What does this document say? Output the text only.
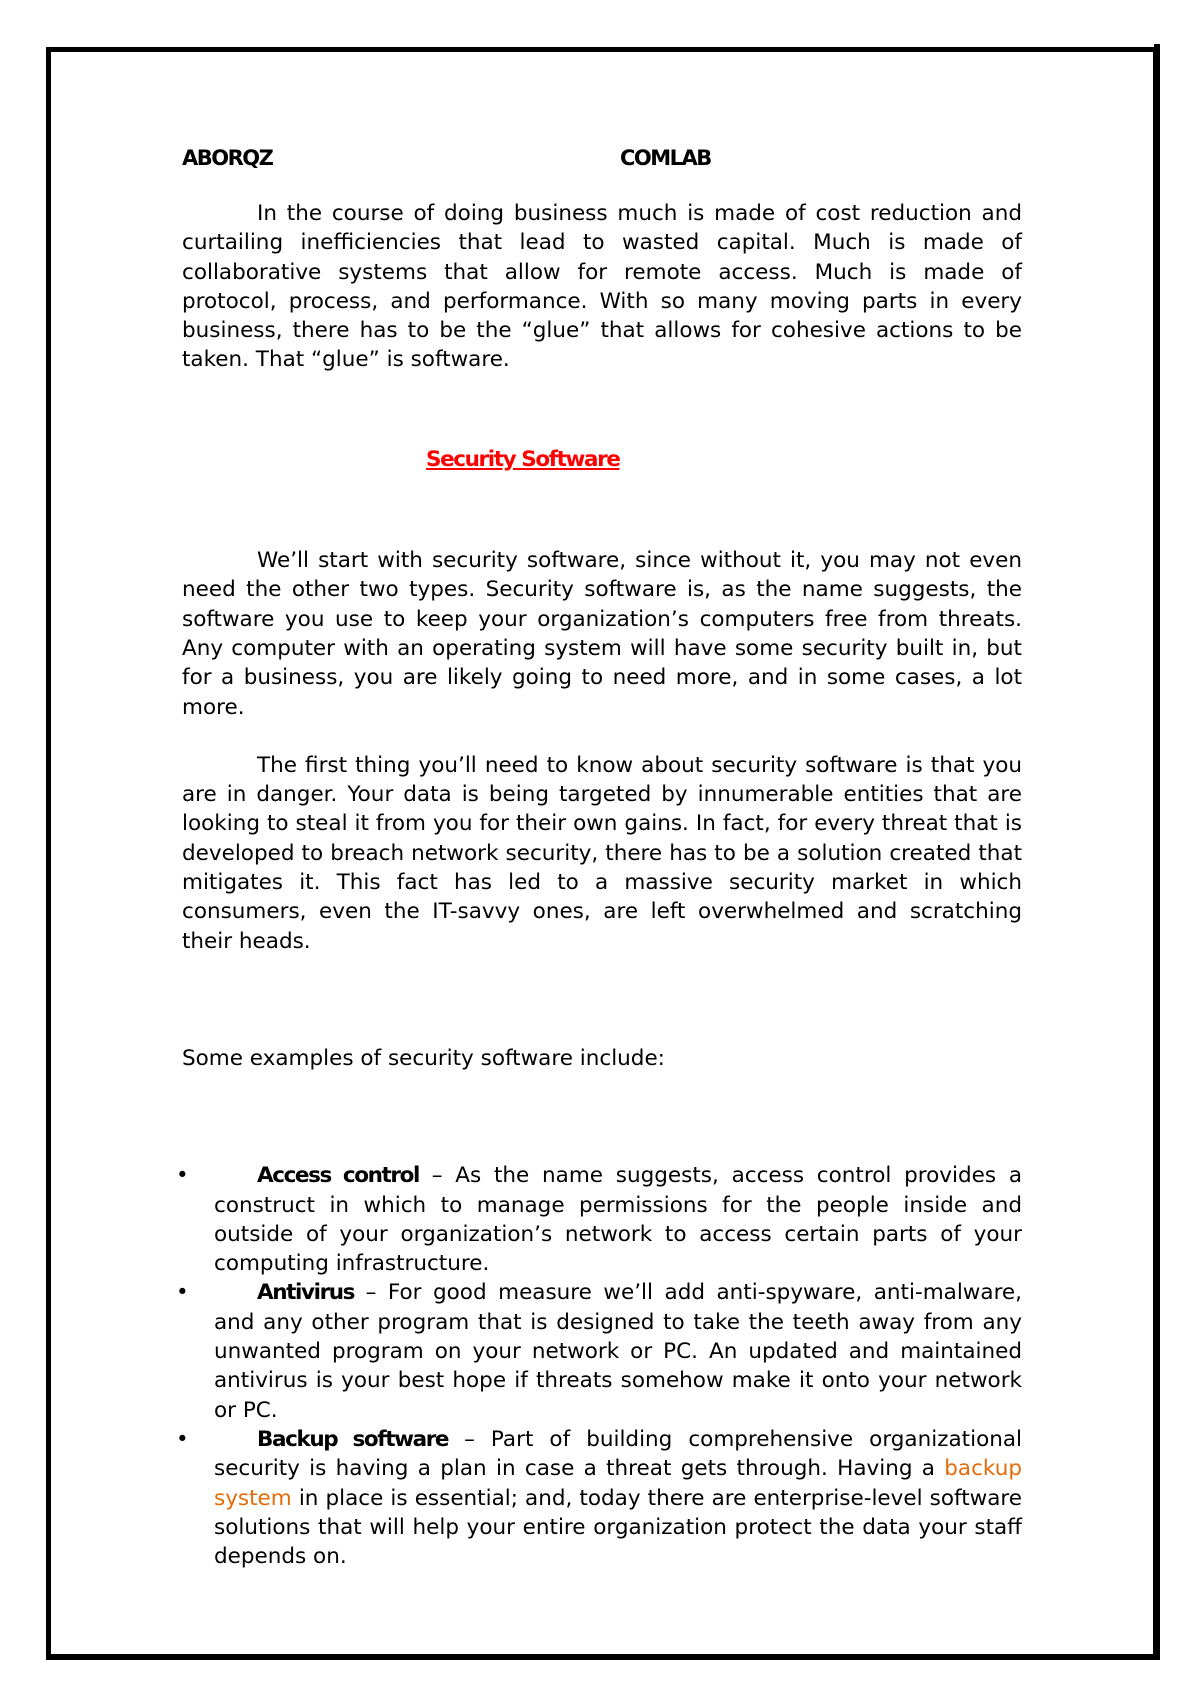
ABORQZ	COMLAB

In the course of doing business much is made of cost reduction and curtailing inefficiencies that lead to wasted capital. Much is made of collaborative systems that allow for remote access. Much is made of protocol, process, and performance. With so many moving parts in every business, there has to be the “glue” that allows for cohesive actions to be taken. That “glue” is software.

Security Software

We’ll start with security software, since without it, you may not even need the other two types. Security software is, as the name suggests, the software you use to keep your organization’s computers free from threats. Any computer with an operating system will have some security built in, but for a business, you are likely going to need more, and in some cases, a lot more.

The first thing you’ll need to know about security software is that you are in danger. Your data is being targeted by innumerable entities that are looking to steal it from you for their own gains. In fact, for every threat that is developed to breach network security, there has to be a solution created that mitigates it. This fact has led to a massive security market in which consumers, even the IT-savvy ones, are left overwhelmed and scratching their heads.

Some examples of security software include:

•	Access control – As the name suggests, access control provides a construct in which to manage permissions for the people inside and outside of your organization’s network to access certain parts of your computing infrastructure.

•	Antivirus – For good measure we’ll add anti-spyware, anti-malware, and any other program that is designed to take the teeth away from any unwanted program on your network or PC. An updated and maintained antivirus is your best hope if threats somehow make it onto your network or PC.

•	Backup software – Part of building comprehensive organizational security is having a plan in case a threat gets through. Having a backup system in place is essential; and, today there are enterprise-level software solutions that will help your entire organization protect the data your staff depends on.
